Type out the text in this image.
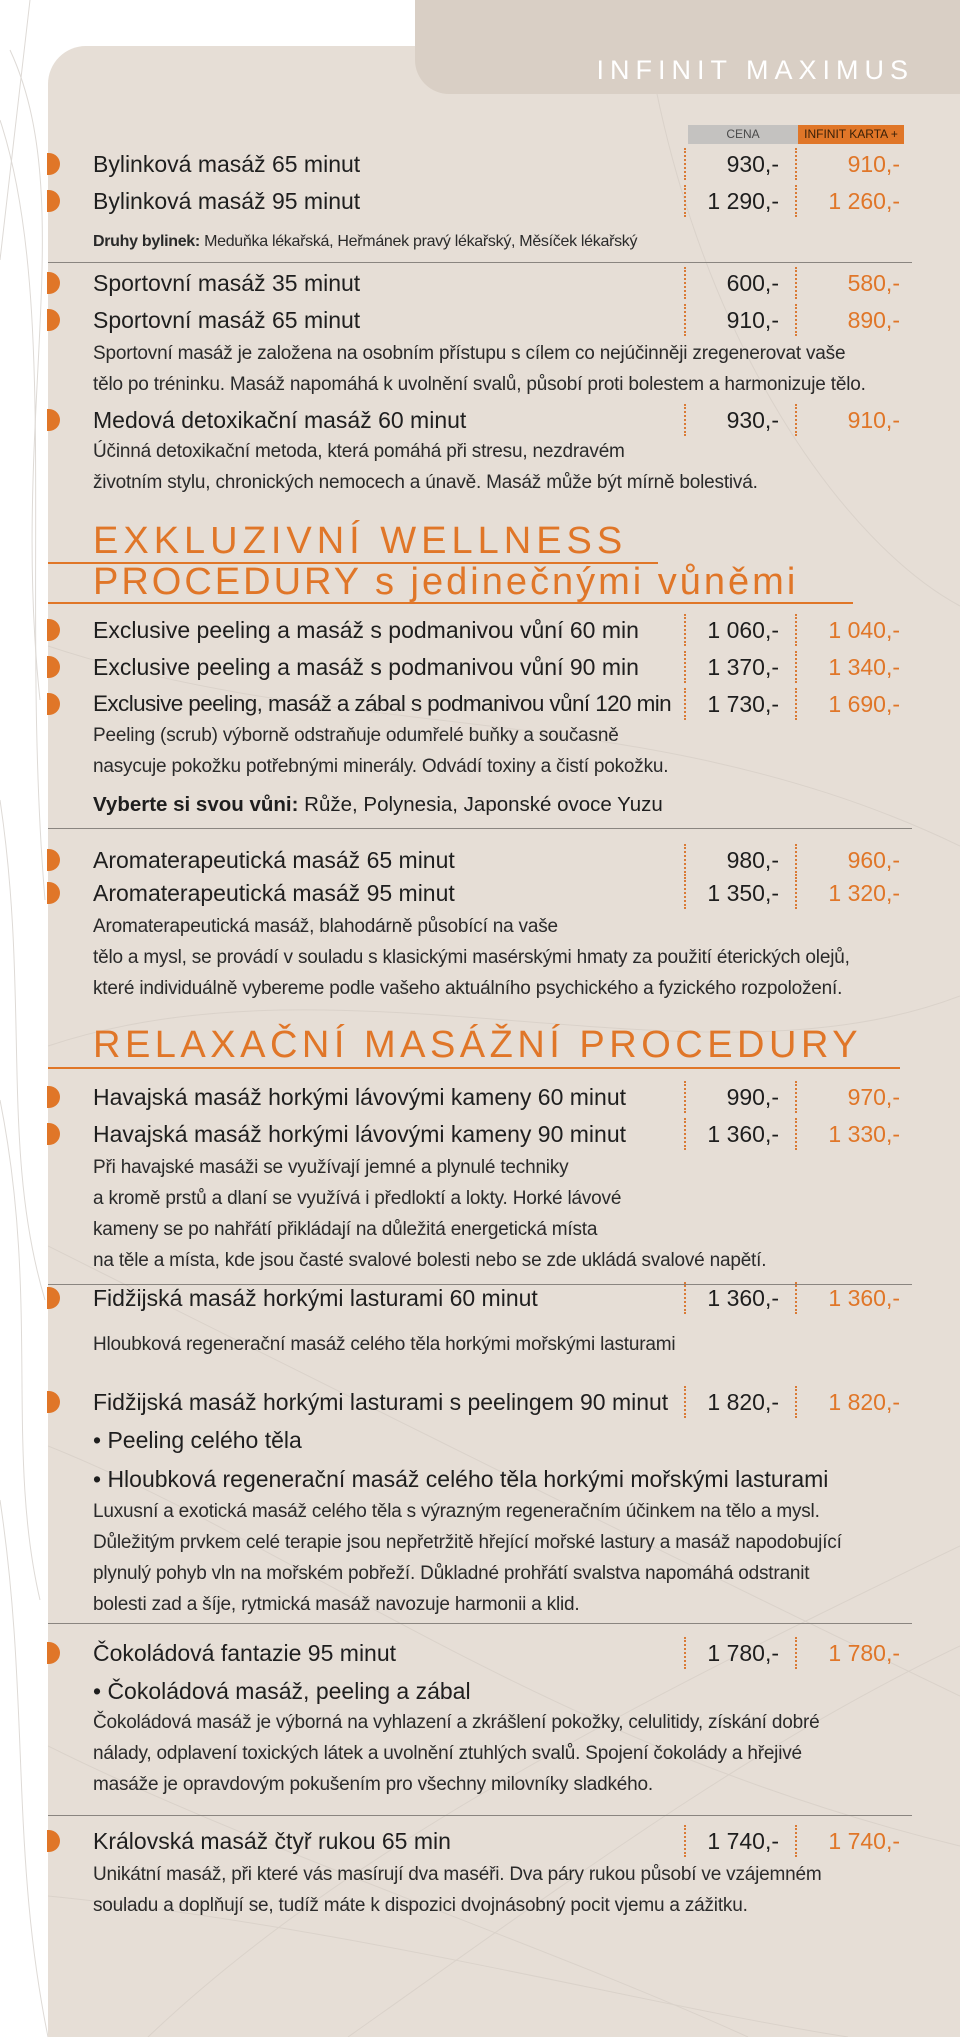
INFINIT MAXIMUS
CENA	INFINIT KARTA +
Bylinková masáž 65 minut	930,-	910,-
Bylinková masáž 95 minut	1 290,-	1 260,-
Sportovní masáž 35 minut	600,-	580,-
Sportovní masáž 65 minut	910,-	890,-
Medová detoxikační masáž 60 minut	930,-	910,-
Exclusive peeling a masáž s podmanivou vůní 60 min	1 060,-	1 040,-
Exclusive peeling a masáž s podmanivou vůní 90 min	1 370,-	1 340,-
Exclusive peeling, masáž a zábal s podmanivou vůní 120 min	1 730,-	1 690,-
Aromaterapeutická masáž 65 minut	980,-	960,-
Aromaterapeutická masáž 95 minut	1 350,-	1 320,-
Havajská masáž horkými lávovými kameny 60 minut	990,-	970,-
Havajská masáž horkými lávovými kameny 90 minut	1 360,-	1 330,-
Fidžijská masáž horkými lasturami 60 minut	1 360,-	1 360,-
Fidžijská masáž horkými lasturami s peelingem 90 minut	1 820,-	1 820,-
Čokoládová fantazie 95 minut	1 780,-	1 780,-
Královská masáž čtyř rukou 65 min	1 740,-	1 740,-
Druhy bylinek: Meduňka lékařská, Heřmánek pravý lékařský, Měsíček lékařský
Sportovní masáž je založena na osobním přístupu s cílem co nejúčinněji zregenerovat vaše
tělo po tréninku. Masáž napomáhá k uvolnění svalů, působí proti bolestem a harmonizuje tělo.
Účinná detoxikační metoda, která pomáhá při stresu, nezdravém
životním stylu, chronických nemocech a únavě. Masáž může být mírně bolestivá.
EXKLUZIVNÍ WELLNESS
PROCEDURY s jedinečnými vůněmi
Peeling (scrub) výborně odstraňuje odumřelé buňky a současně
nasycuje pokožku potřebnými minerály. Odvádí toxiny a čistí pokožku.
Vyberte si svou vůni: Růže, Polynesia, Japonské ovoce Yuzu
Aromaterapeutická masáž, blahodárně působící na vaše
tělo a mysl, se provádí v souladu s klasickými masérskými hmaty za použití éterických olejů,
které individuálně vybereme podle vašeho aktuálního psychického a fyzického rozpoložení.
RELAXAČNÍ MASÁŽNÍ PROCEDURY
Při havajské masáži se využívají jemné a plynulé techniky
a kromě prstů a dlaní se využívá i předloktí a lokty. Horké lávové
kameny se po nahřátí přikládají na důležitá energetická místa
na těle a místa, kde jsou časté svalové bolesti nebo se zde ukládá svalové napětí.
Hloubková regenerační masáž celého těla horkými mořskými lasturami
• Peeling celého těla
• Hloubková regenerační masáž celého těla horkými mořskými lasturami
Luxusní a exotická masáž celého těla s výrazným regeneračním účinkem na tělo a mysl.
Důležitým prvkem celé terapie jsou nepřetržitě hřející mořské lastury a masáž napodobující
plynulý pohyb vln na mořském pobřeží. Důkladné prohřátí svalstva napomáhá odstranit
bolesti zad a šíje, rytmická masáž navozuje harmonii a klid.
• Čokoládová masáž, peeling a zábal
Čokoládová masáž je výborná na vyhlazení a zkrášlení pokožky, celulitidy, získání dobré
nálady, odplavení toxických látek a uvolnění ztuhlých svalů. Spojení čokolády a hřejivé
masáže je opravdovým pokušením pro všechny milovníky sladkého.
Unikátní masáž, při které vás masírují dva maséři. Dva páry rukou působí ve vzájemném
souladu a doplňují se, tudíž máte k dispozici dvojnásobný pocit vjemu a zážitku.
